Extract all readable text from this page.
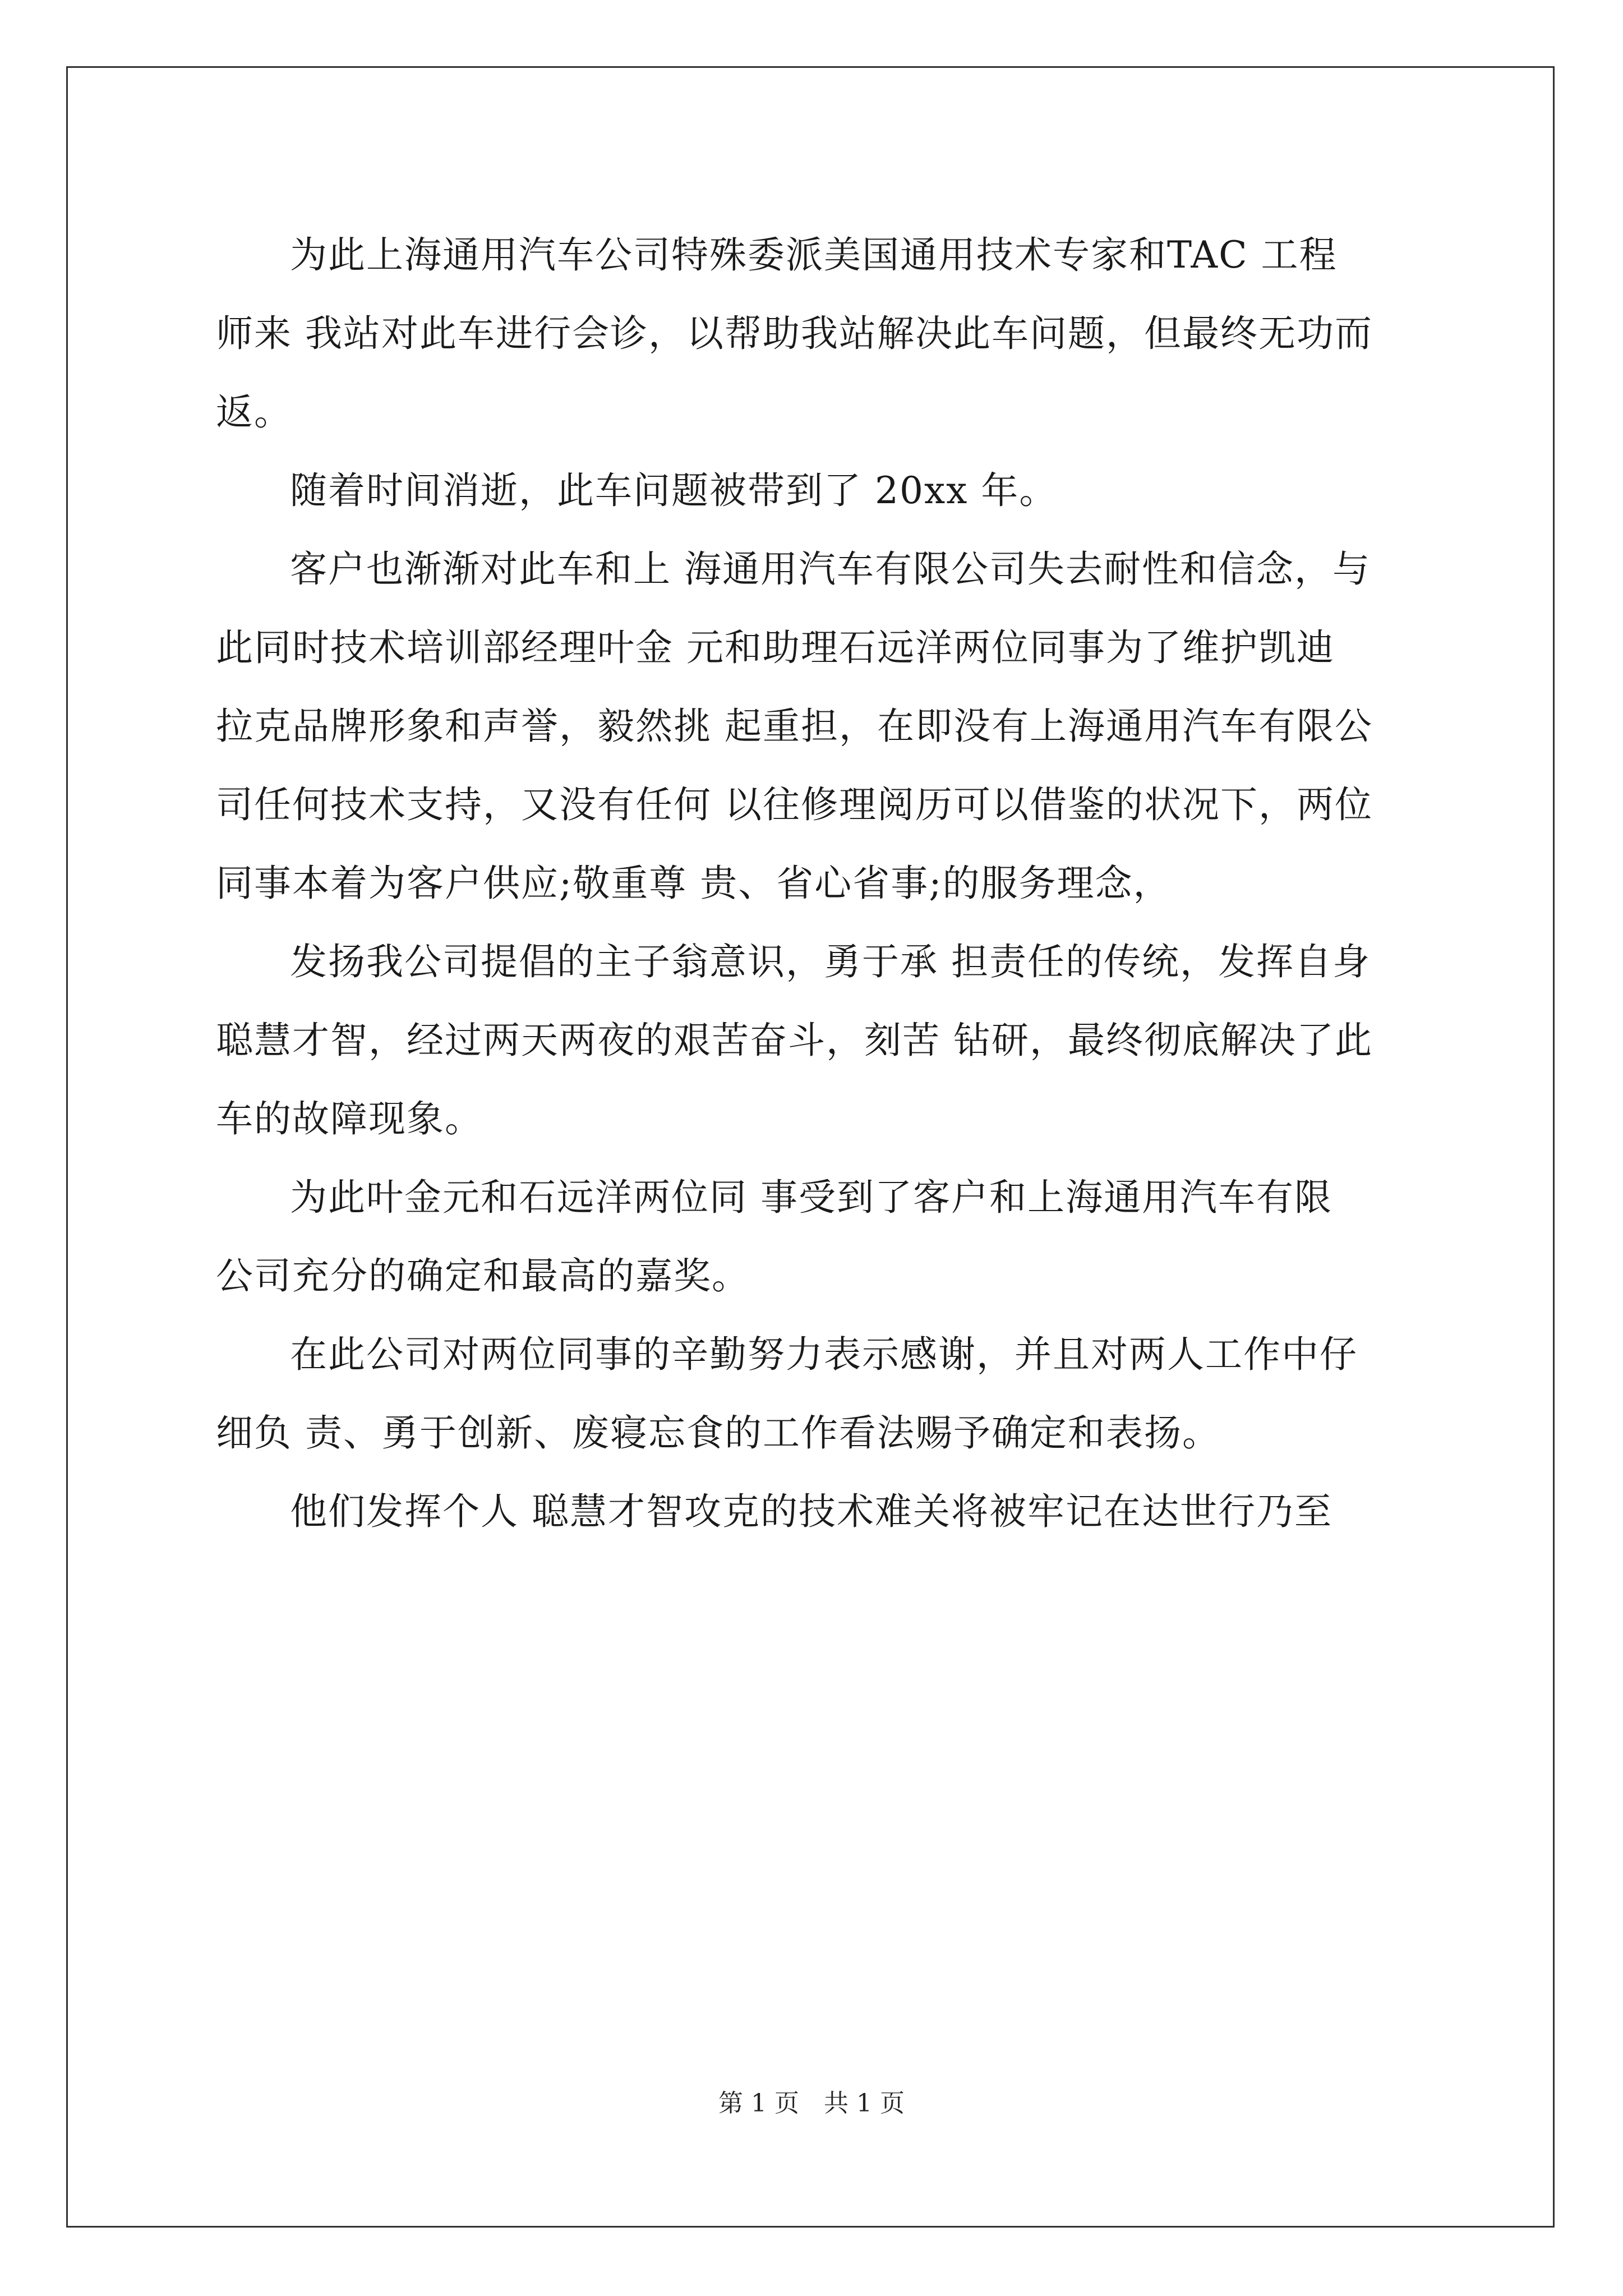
为此上海通用汽车公司特殊委派美国通用技术专家和TAC 工程
师来 我站对此车进行会诊，以帮助我站解决此车问题，但最终无功而
返。
随着时间消逝，此车问题被带到了 20xx 年。
客户也渐渐对此车和上 海通用汽车有限公司失去耐性和信念，与
此同时技术培训部经理叶金 元和助理石远洋两位同事为了维护凯迪
拉克品牌形象和声誉，毅然挑 起重担，在即没有上海通用汽车有限公
司任何技术支持，又没有任何 以往修理阅历可以借鉴的状况下，两位
同事本着为客户供应;敬重尊 贵、省心省事;的服务理念，
发扬我公司提倡的主子翁意识，勇于承 担责任的传统，发挥自身
聪慧才智，经过两天两夜的艰苦奋斗，刻苦 钻研，最终彻底解决了此
车的故障现象。
为此叶金元和石远洋两位同 事受到了客户和上海通用汽车有限
公司充分的确定和最高的嘉奖。
在此公司对两位同事的辛勤努力表示感谢，并且对两人工作中仔
细负 责、勇于创新、废寝忘食的工作看法赐予确定和表扬。
他们发挥个人 聪慧才智攻克的技术难关将被牢记在达世行乃至
第 1 页　共 1 页
